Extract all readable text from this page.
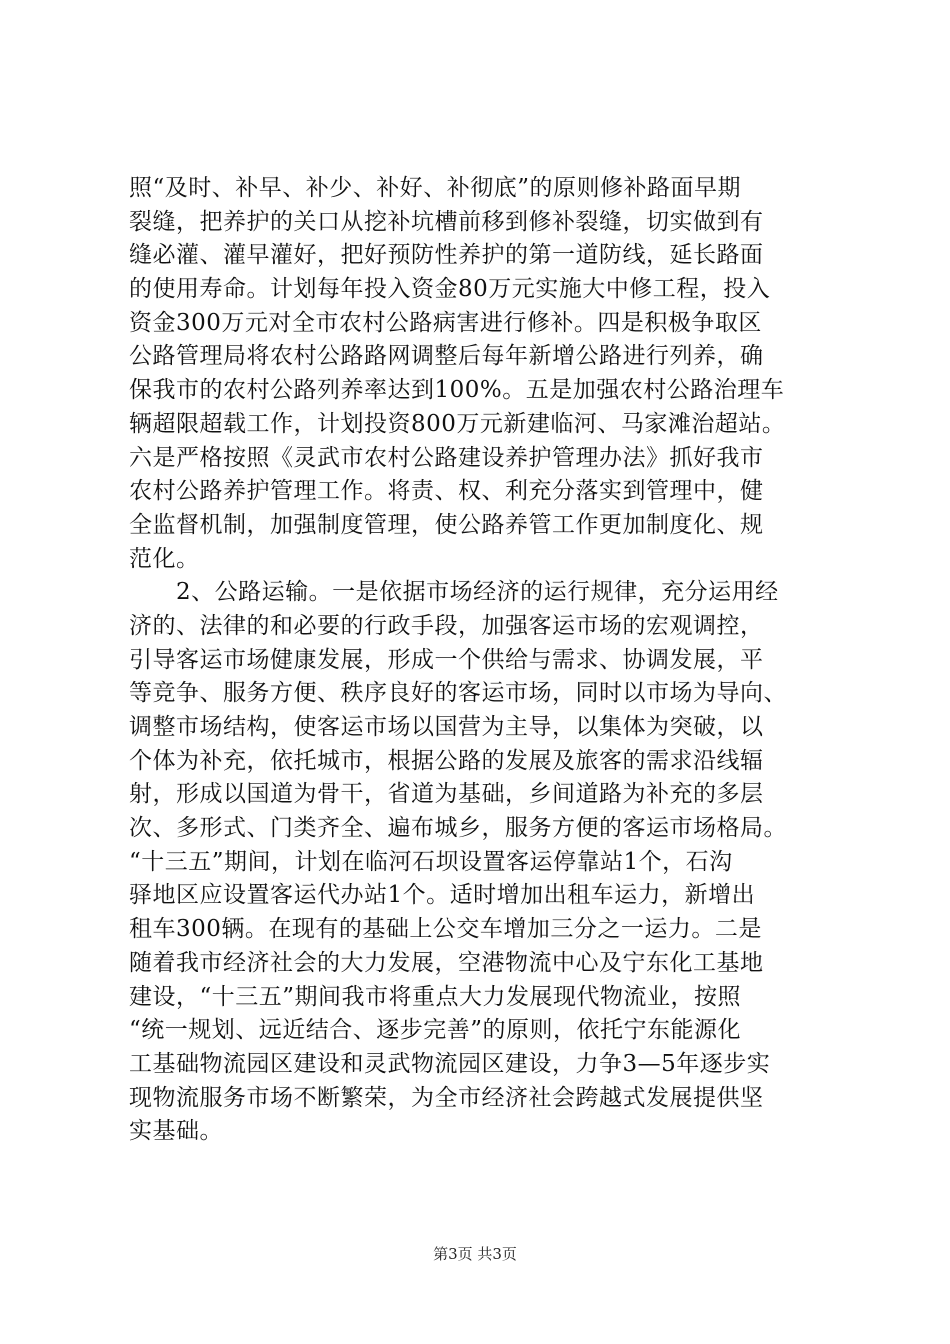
照“及时、补早、补少、补好、补彻底”的原则修补路面早期
裂缝，把养护的关口从挖补坑槽前移到修补裂缝，切实做到有
缝必灌、灌早灌好，把好预防性养护的第一道防线，延长路面
的使用寿命。计划每年投入资金80万元实施大中修工程，投入
资金300万元对全市农村公路病害进行修补。四是积极争取区
公路管理局将农村公路路网调整后每年新增公路进行列养，确
保我市的农村公路列养率达到100%。五是加强农村公路治理车
辆超限超载工作，计划投资800万元新建临河、马家滩治超站。
六是严格按照《灵武市农村公路建设养护管理办法》抓好我市
农村公路养护管理工作。将责、权、利充分落实到管理中，健
全监督机制，加强制度管理，使公路养管工作更加制度化、规
范化。
　　2、公路运输。一是依据市场经济的运行规律，充分运用经
济的、法律的和必要的行政手段，加强客运市场的宏观调控，
引导客运市场健康发展，形成一个供给与需求、协调发展，平
等竞争、服务方便、秩序良好的客运市场，同时以市场为导向、
调整市场结构，使客运市场以国营为主导，以集体为突破，以
个体为补充，依托城市，根据公路的发展及旅客的需求沿线辐
射，形成以国道为骨干，省道为基础，乡间道路为补充的多层
次、多形式、门类齐全、遍布城乡，服务方便的客运市场格局。
“十三五”期间，计划在临河石坝设置客运停靠站1个，石沟
驿地区应设置客运代办站1个。适时增加出租车运力，新增出
租车300辆。在现有的基础上公交车增加三分之一运力。二是
随着我市经济社会的大力发展，空港物流中心及宁东化工基地
建设，“十三五”期间我市将重点大力发展现代物流业，按照
“统一规划、远近结合、逐步完善”的原则，依托宁东能源化
工基础物流园区建设和灵武物流园区建设，力争3—5年逐步实
现物流服务市场不断繁荣，为全市经济社会跨越式发展提供坚
实基础。
第3页 共3页
